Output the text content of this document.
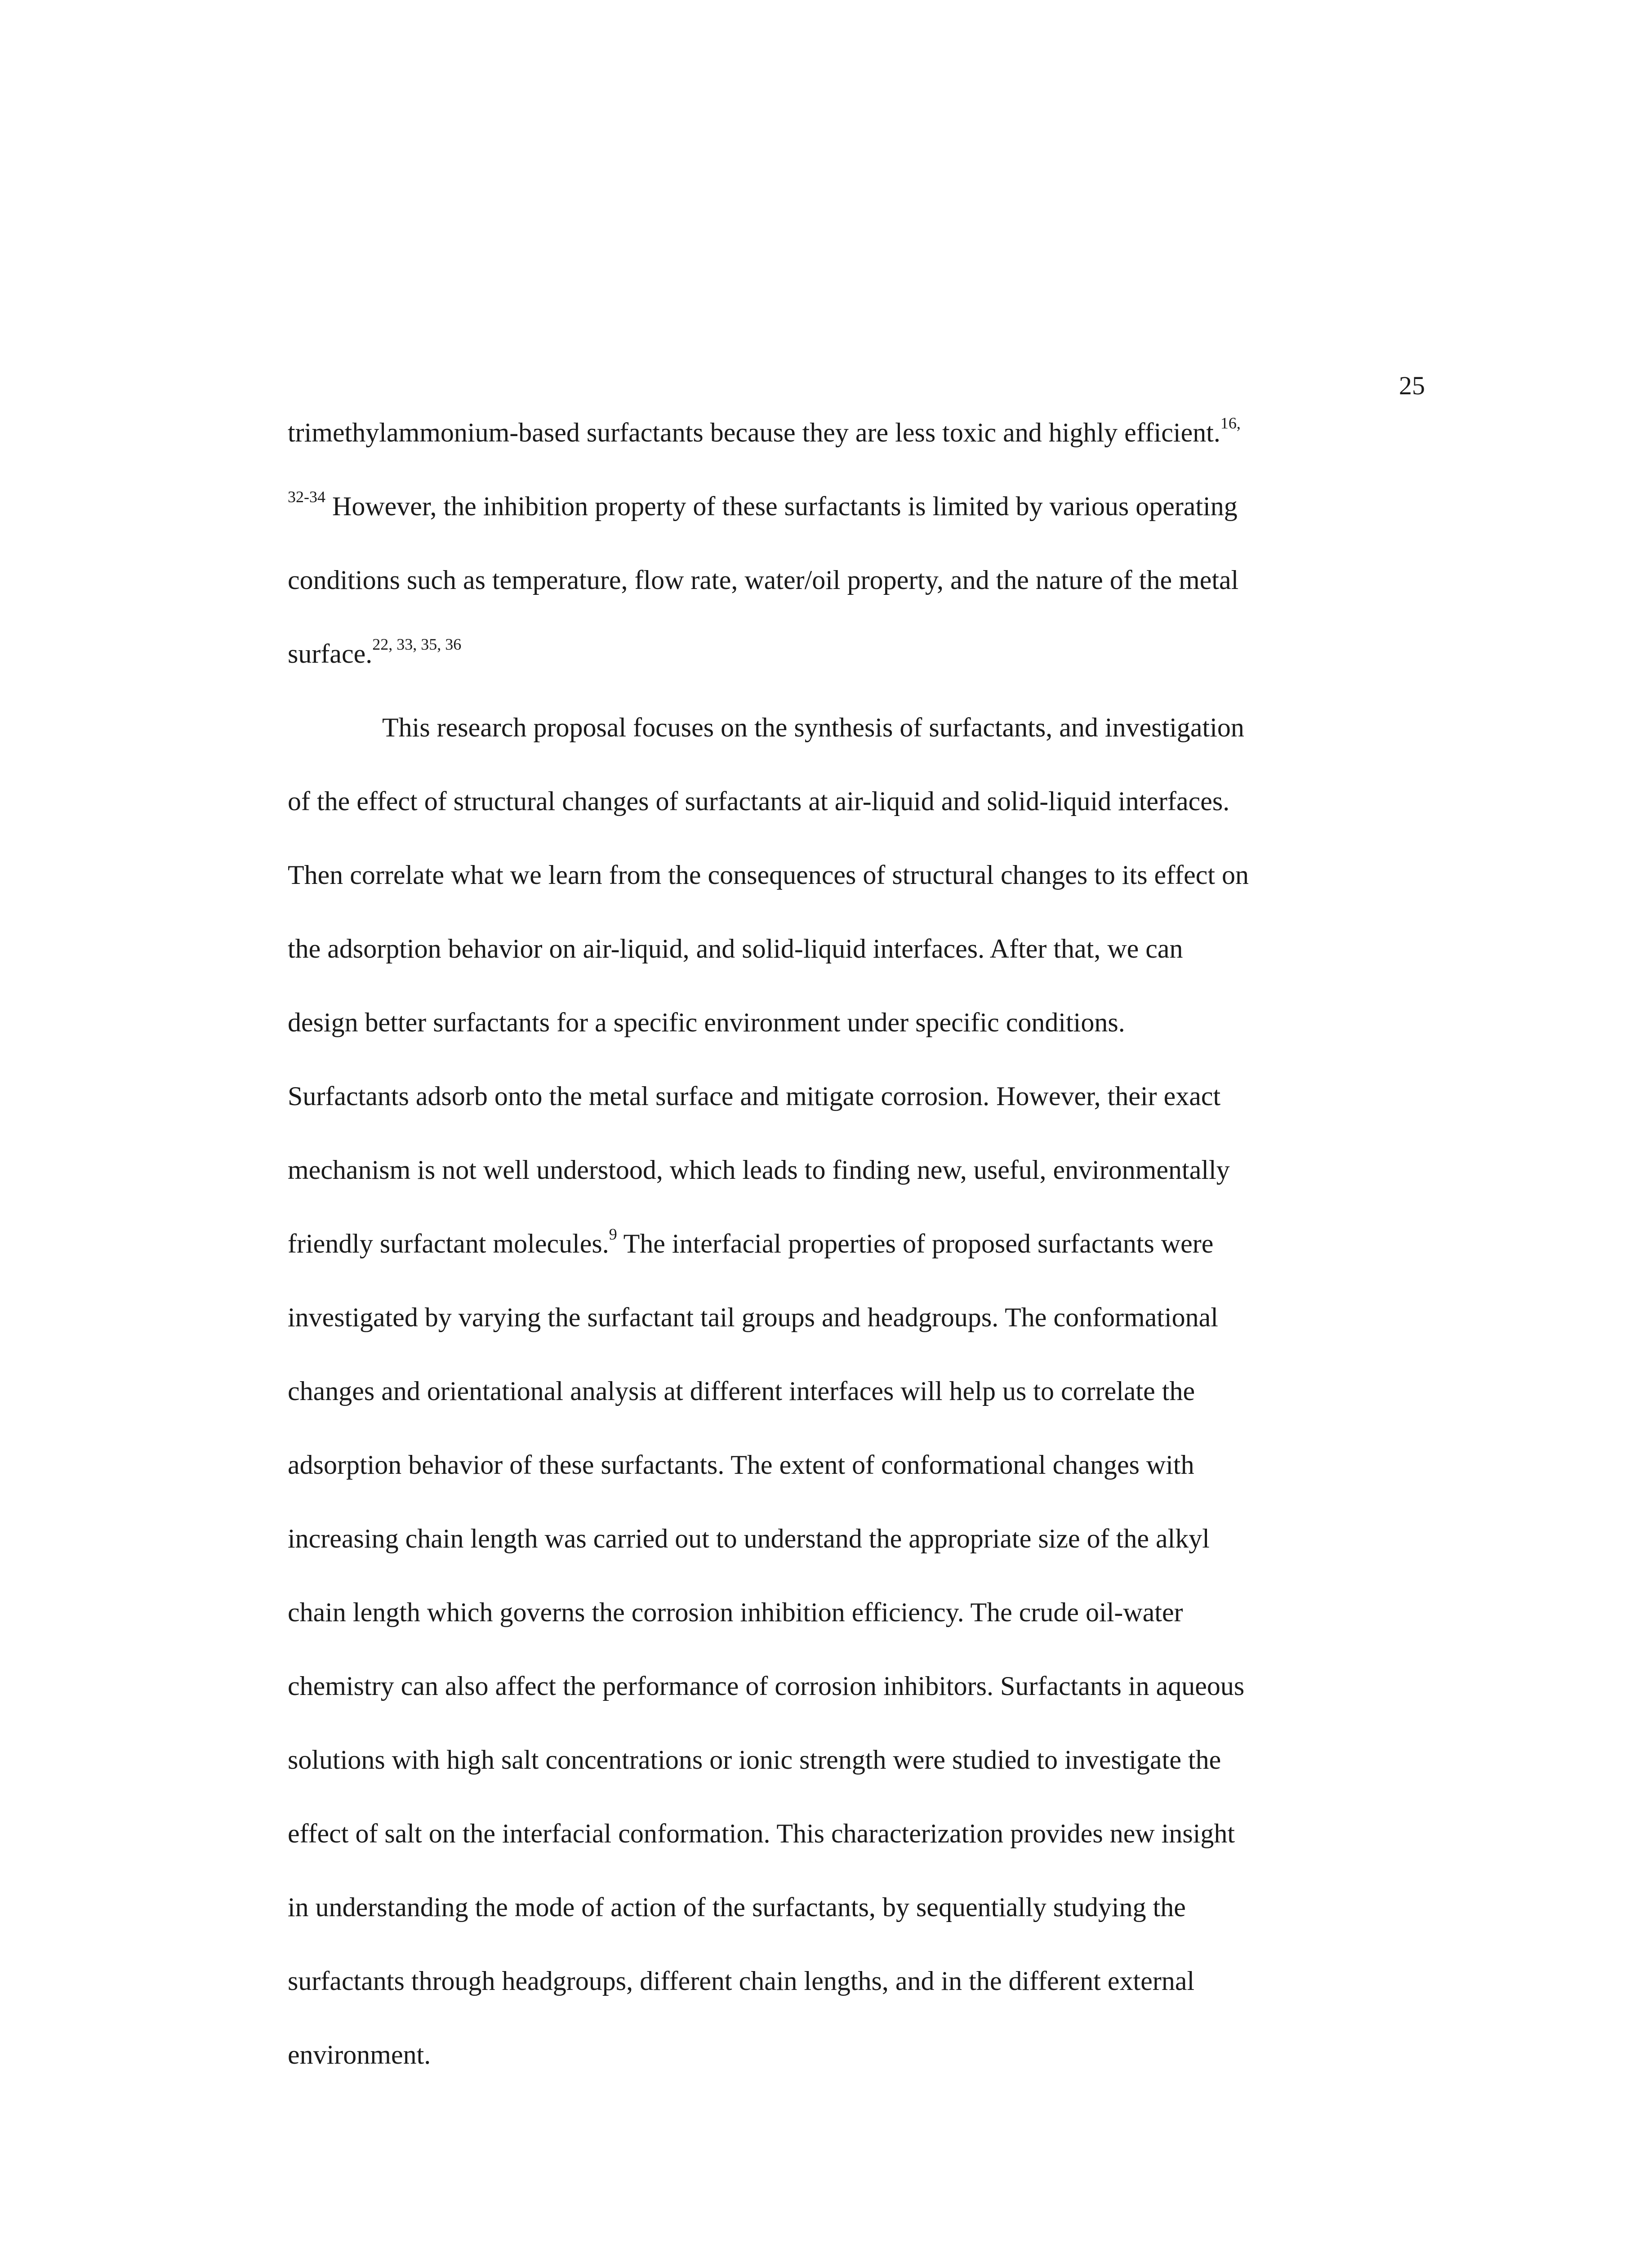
25
trimethylammonium-based surfactants because they are less toxic and highly efficient.$^{16,}$
$^{32-34}$ However, the inhibition property of these surfactants is limited by various operating
conditions such as temperature, flow rate, water/oil property, and the nature of the metal
surface.$^{22, 33, 35, 36}$
This research proposal focuses on the synthesis of surfactants, and investigation
of the effect of structural changes of surfactants at air-liquid and solid-liquid interfaces.
Then correlate what we learn from the consequences of structural changes to its effect on
the adsorption behavior on air-liquid, and solid-liquid interfaces. After that, we can
design better surfactants for a specific environment under specific conditions.
Surfactants adsorb onto the metal surface and mitigate corrosion. However, their exact
mechanism is not well understood, which leads to finding new, useful, environmentally
friendly surfactant molecules.$^9$ The interfacial properties of proposed surfactants were
investigated by varying the surfactant tail groups and headgroups. The conformational
changes and orientational analysis at different interfaces will help us to correlate the
adsorption behavior of these surfactants. The extent of conformational changes with
increasing chain length was carried out to understand the appropriate size of the alkyl
chain length which governs the corrosion inhibition efficiency. The crude oil-water
chemistry can also affect the performance of corrosion inhibitors. Surfactants in aqueous
solutions with high salt concentrations or ionic strength were studied to investigate the
effect of salt on the interfacial conformation. This characterization provides new insight
in understanding the mode of action of the surfactants, by sequentially studying the
surfactants through headgroups, different chain lengths, and in the different external
environment.
